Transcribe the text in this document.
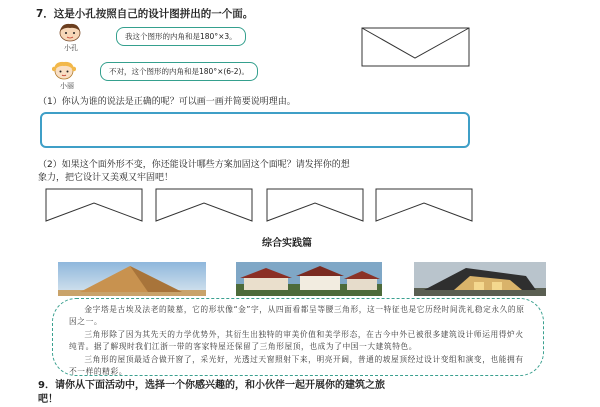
7．这是小孔按照自己的设计图拼出的一个面。
小孔
我这个图形的内角和是180°×3。
小丽
不对，这个图形的内角和是180°×(6-2)。
（1）你认为谁的说法是正确的呢？可以画一画并简要说明理由。
（2）如果这个面外形不变，你还能设计哪些方案加固这个面呢？请发挥你的想
象力，把它设计又美观又牢固吧！
综合实践篇

金字塔是古埃及法老的陵墓，它的形状像“金”字，从四面看都呈等腰三角形，这一特征也是它历经时间洗礼稳定永久的原因之一。

三角形除了因为其先天的力学优势外，其衍生出独特的审美价值和美学形态，在古今中外已被很多建筑设计师运用得炉火纯青。据了解现时我们江浙一带的客家特屋还保留了三角形屋顶，也成为了中国一大建筑特色。

三角形的屋顶最适合做开窗了，采光好，光透过天窗照射下来，明亮开阔，普通的坡屋顶经过设计变组和演变，也能拥有不一样的精彩。

9．请你从下面活动中，选择一个你感兴趣的，和小伙伴一起开展你的建筑之旅
吧！
